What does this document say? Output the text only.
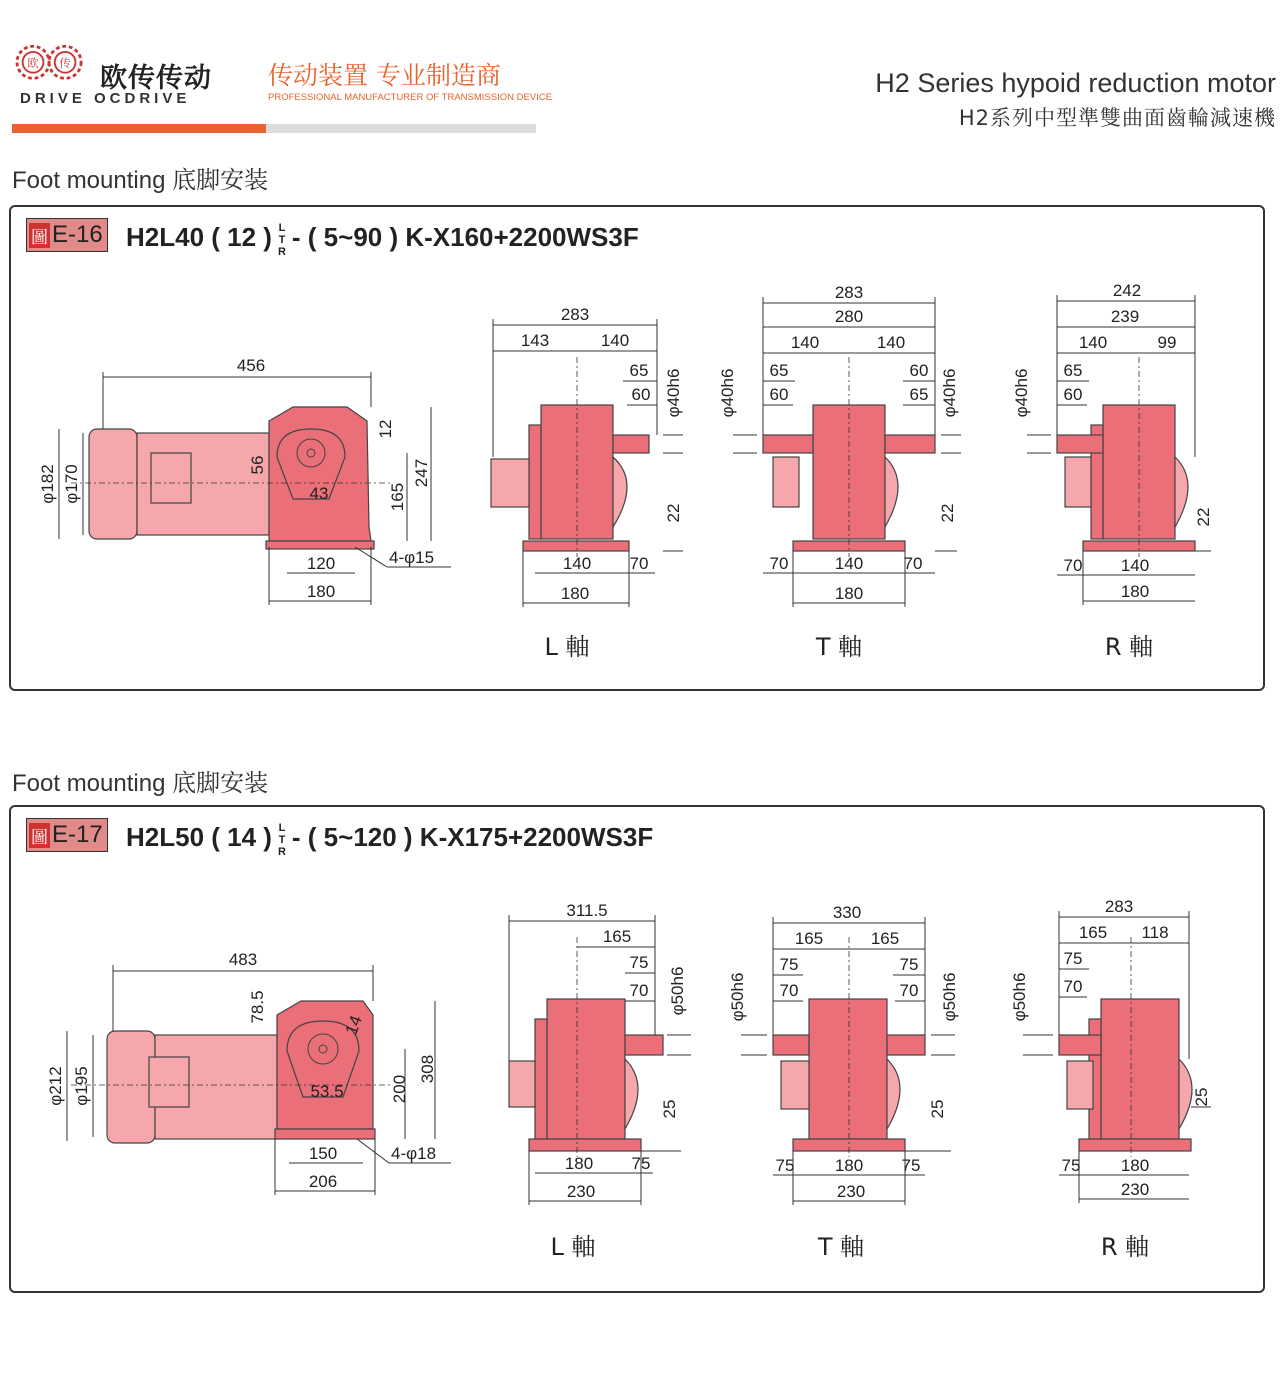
欧 传 欧传传动
DRIVE OCDRIVE
传动装置 专业制造商
PROFESSIONAL MANUFACTURER OF TRANSMISSION DEVICE	H2 Series hypoid reduction motor
H2系列中型準雙曲面齒輪減速機
Foot mounting 底脚安装
圖 E-16 H2L40 ( 12 ) L
T
R
- ( 5~90 ) K-X160+2200WS3F
456
φ182 φ170	56
43
12
165
247
120
180
4-φ15
283
143	140
65
60 φ40h6
22
140 70
180
L 軸
283
280
140	140
65
60
60
65
φ40h6	φ40h6
22
70	140 70
180
T 軸
242
239
140	99
65
60
φ40h6
22
70 140
180
R 軸
Foot mounting 底脚安装
圖 E-17 H2L50 ( 14 ) L
T
R
- ( 5~120 ) K-X175+2200WS3F
483
φ212 φ195
78.5
53.5
14
200
308
150
206
4-φ18
311.5
165
75
70 φ50h6
25
180 75
230
L 軸
330
165	165
75
70
75
70
φ50h6	φ50h6
25
75 180 75
230
T 軸
283
165 118
75
70
φ50h6
25
75 180
230
R 軸
